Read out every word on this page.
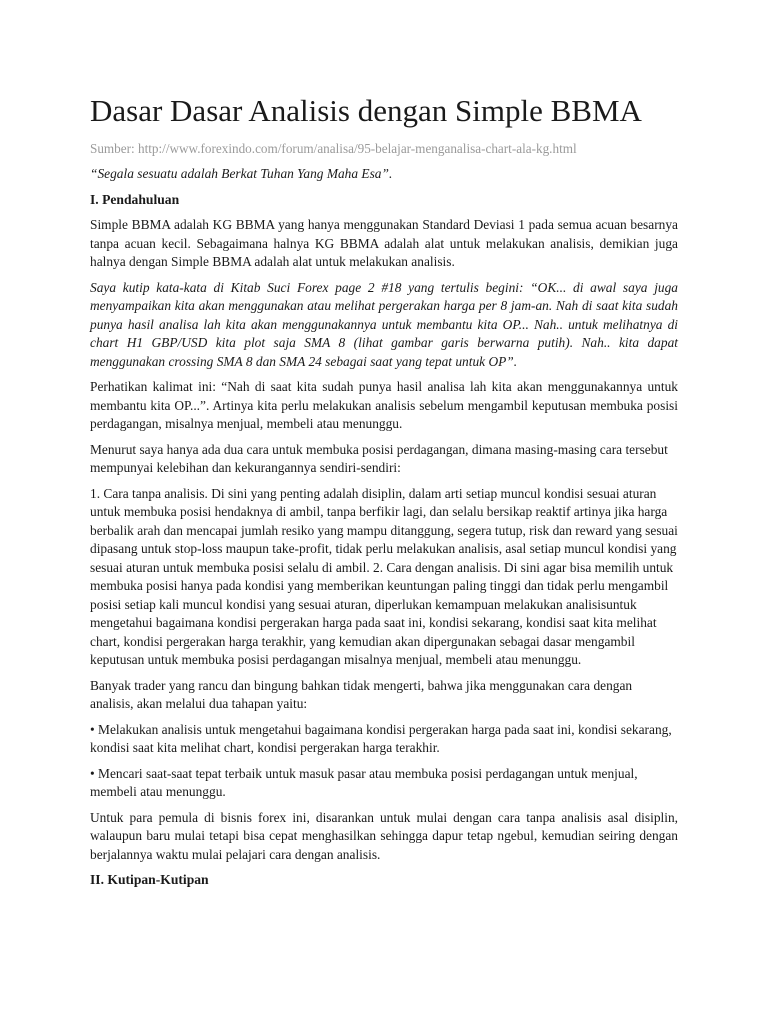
Dasar Dasar Analisis dengan Simple BBMA
Sumber: http://www.forexindo.com/forum/analisa/95-belajar-menganalisa-chart-ala-kg.html

“Segala sesuatu adalah Berkat Tuhan Yang Maha Esa”.

I. Pendahuluan

Simple BBMA adalah KG BBMA yang hanya menggunakan Standard Deviasi 1 pada semua acuan besarnya tanpa acuan kecil. Sebagaimana halnya KG BBMA adalah alat untuk melakukan analisis, demikian juga halnya dengan Simple BBMA adalah alat untuk melakukan analisis.

Saya kutip kata-kata di Kitab Suci Forex page 2 #18 yang tertulis begini: “OK... di awal saya juga menyampaikan kita akan menggunakan atau melihat pergerakan harga per 8 jam-an. Nah di saat kita sudah punya hasil analisa lah kita akan menggunakannya untuk membantu kita OP... Nah.. untuk melihatnya di chart H1 GBP/USD kita plot saja SMA 8 (lihat gambar garis berwarna putih). Nah.. kita dapat menggunakan crossing SMA 8 dan SMA 24 sebagai saat yang tepat untuk OP”.

Perhatikan kalimat ini: “Nah di saat kita sudah punya hasil analisa lah kita akan menggunakannya untuk membantu kita OP...”. Artinya kita perlu melakukan analisis sebelum mengambil keputusan membuka posisi perdagangan, misalnya menjual, membeli atau menunggu.

Menurut saya hanya ada dua cara untuk membuka posisi perdagangan, dimana masing-masing cara tersebut mempunyai kelebihan dan kekurangannya sendiri-sendiri:

1. Cara tanpa analisis. Di sini yang penting adalah disiplin, dalam arti setiap muncul kondisi sesuai aturan untuk membuka posisi hendaknya di ambil, tanpa berfikir lagi, dan selalu bersikap reaktif artinya jika harga berbalik arah dan mencapai jumlah resiko yang mampu ditanggung, segera tutup, risk dan reward yang sesuai dipasang untuk stop-loss maupun take-profit, tidak perlu melakukan analisis, asal setiap muncul kondisi yang sesuai aturan untuk membuka posisi selalu di ambil. 2. Cara dengan analisis. Di sini agar bisa memilih untuk membuka posisi hanya pada kondisi yang memberikan keuntungan paling tinggi dan tidak perlu mengambil posisi setiap kali muncul kondisi yang sesuai aturan, diperlukan kemampuan melakukan analisisuntuk mengetahui bagaimana kondisi pergerakan harga pada saat ini, kondisi sekarang, kondisi saat kita melihat chart, kondisi pergerakan harga terakhir, yang kemudian akan dipergunakan sebagai dasar mengambil keputusan untuk membuka posisi perdagangan misalnya menjual, membeli atau menunggu.

Banyak trader yang rancu dan bingung bahkan tidak mengerti, bahwa jika menggunakan cara dengan analisis, akan melalui dua tahapan yaitu:

• Melakukan analisis untuk mengetahui bagaimana kondisi pergerakan harga pada saat ini, kondisi sekarang, kondisi saat kita melihat chart, kondisi pergerakan harga terakhir.

• Mencari saat-saat tepat terbaik untuk masuk pasar atau membuka posisi perdagangan untuk menjual, membeli atau menunggu.

Untuk para pemula di bisnis forex ini, disarankan untuk mulai dengan cara tanpa analisis asal disiplin, walaupun baru mulai tetapi bisa cepat menghasilkan sehingga dapur tetap ngebul, kemudian seiring dengan berjalannya waktu mulai pelajari cara dengan analisis.

II. Kutipan-Kutipan
